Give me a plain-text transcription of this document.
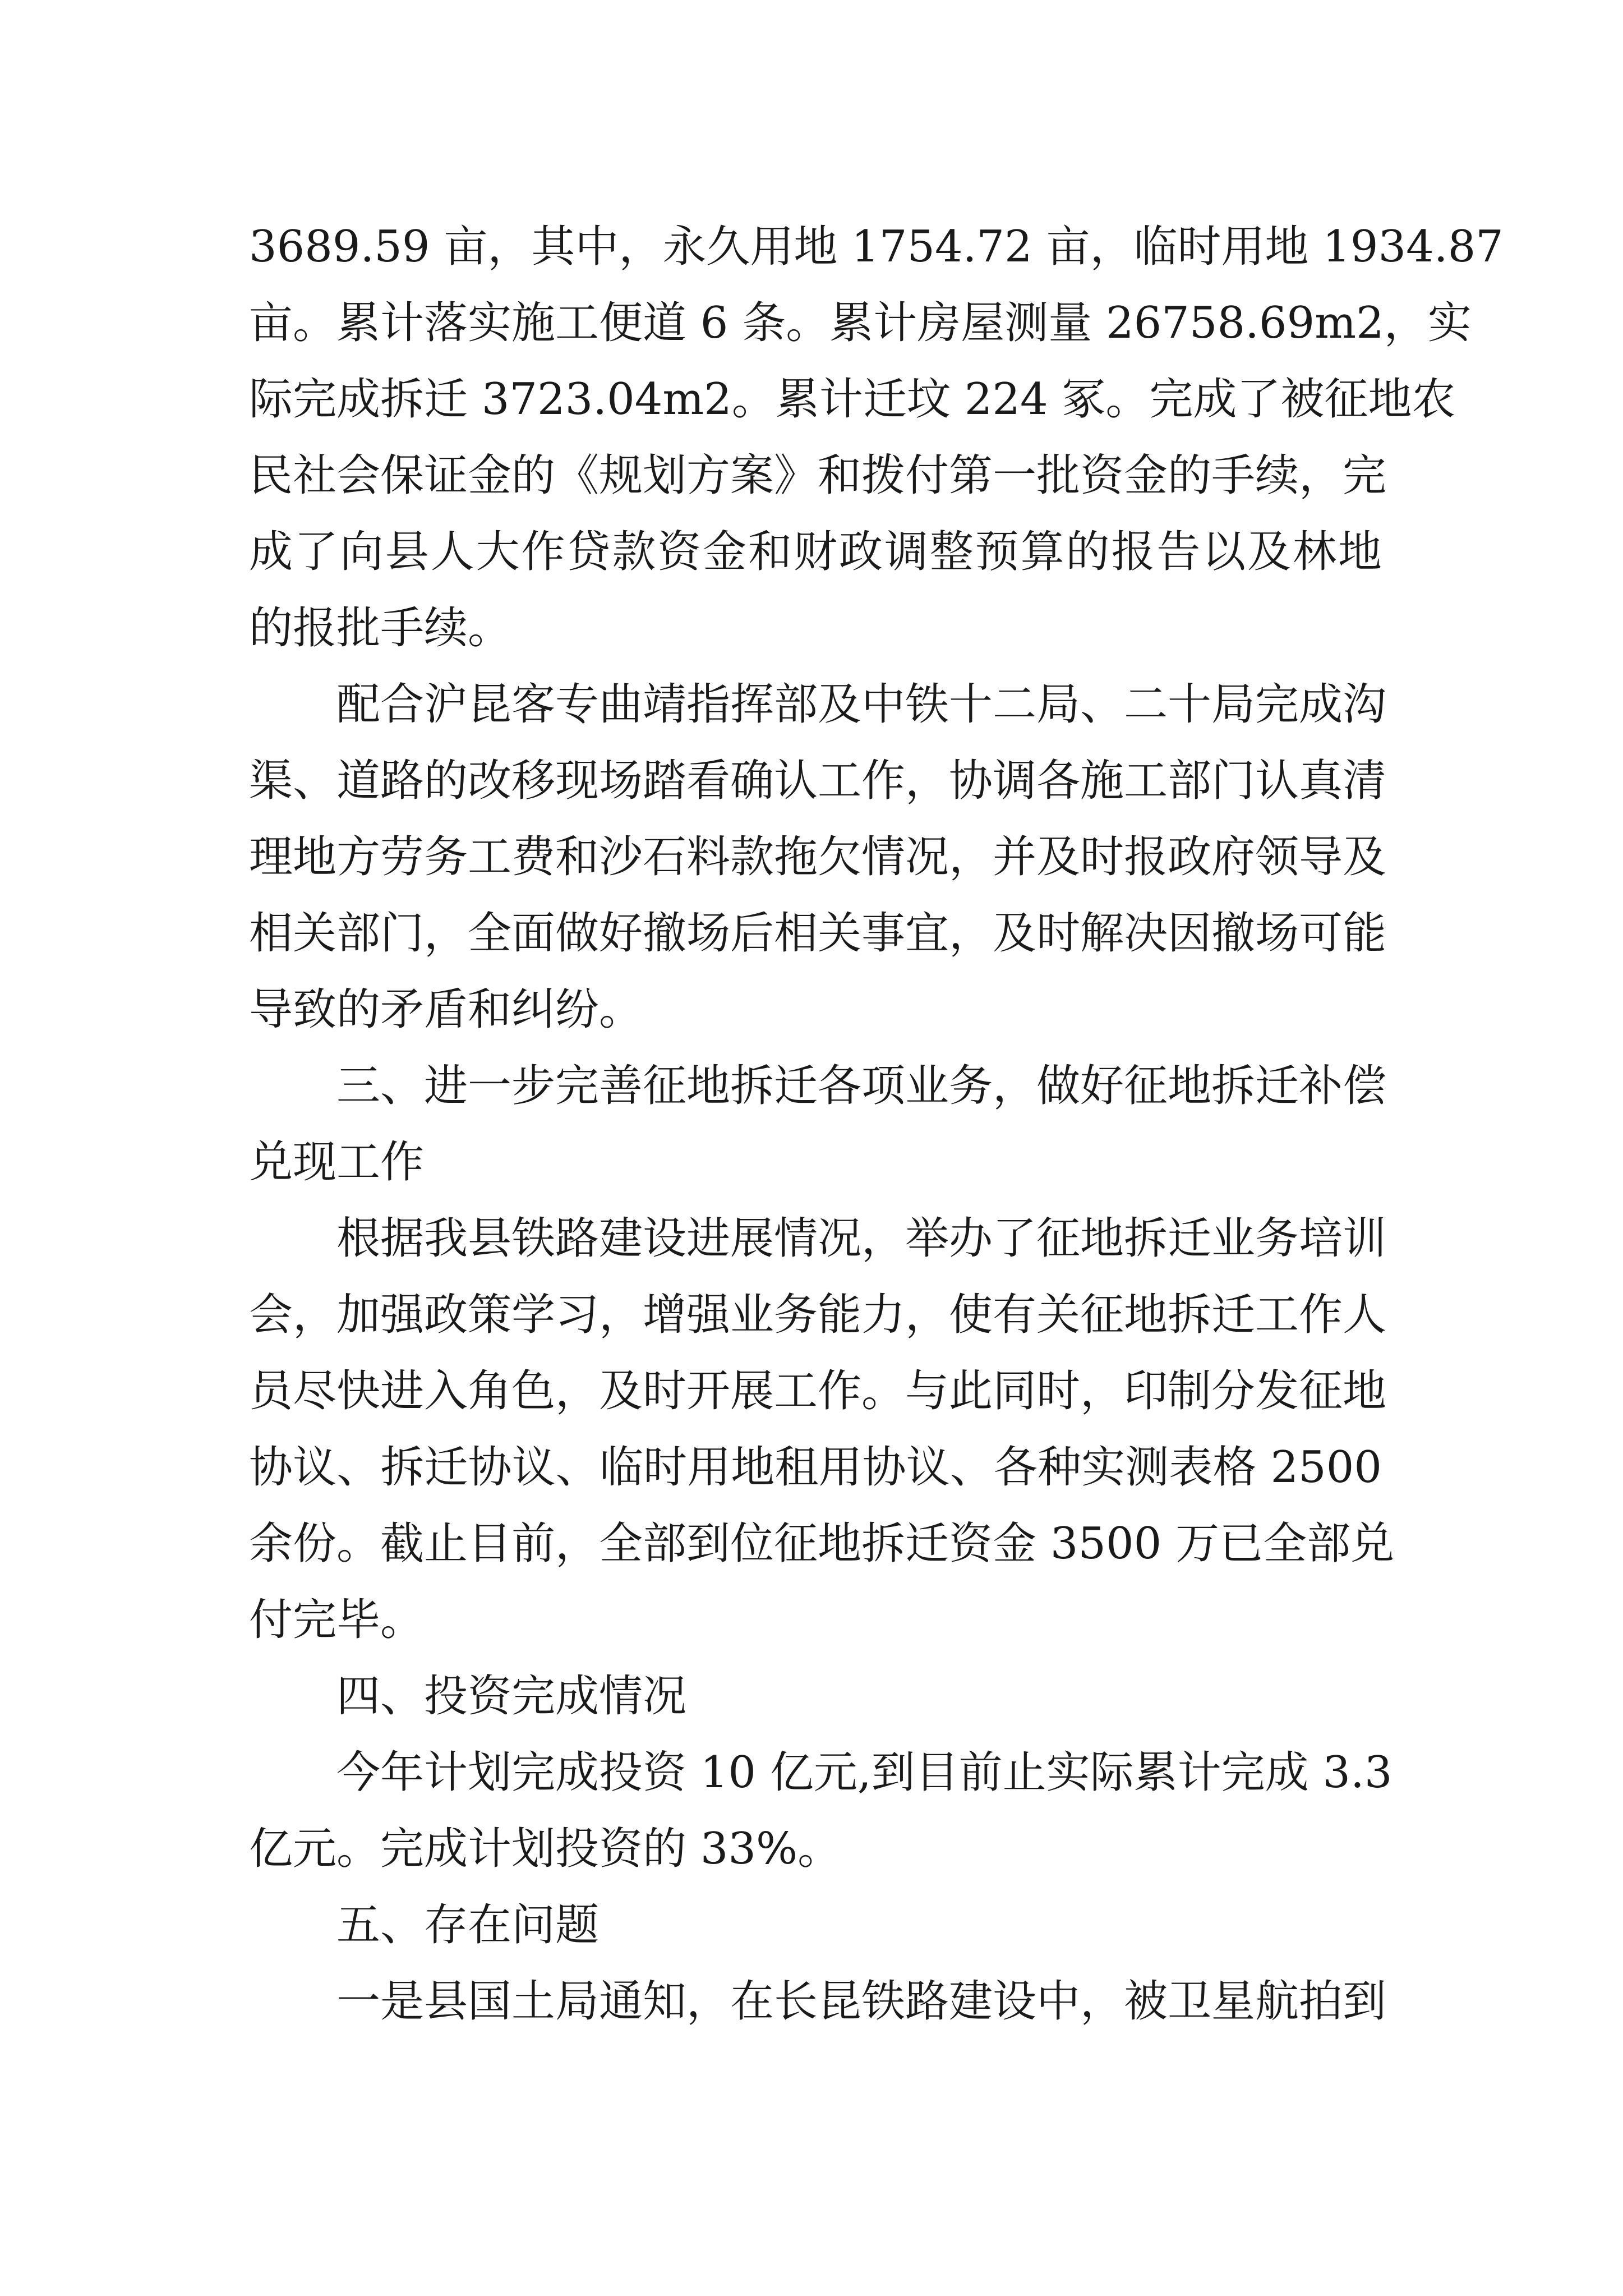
3689.59 亩，其中，永久用地 1754.72 亩，临时用地 1934.87
亩。累计落实施工便道 6 条。累计房屋测量 26758.69m2，实
际完成拆迁 3723.04m2。累计迁坟 224 冢。完成了被征地农
民社会保证金的《规划方案》和拨付第一批资金的手续，完
成了向县人大作贷款资金和财政调整预算的报告以及林地
的报批手续。
配合沪昆客专曲靖指挥部及中铁十二局、二十局完成沟
渠、道路的改移现场踏看确认工作，协调各施工部门认真清
理地方劳务工费和沙石料款拖欠情况，并及时报政府领导及
相关部门，全面做好撤场后相关事宜，及时解决因撤场可能
导致的矛盾和纠纷。
三、进一步完善征地拆迁各项业务，做好征地拆迁补偿
兑现工作
根据我县铁路建设进展情况，举办了征地拆迁业务培训
会，加强政策学习，增强业务能力，使有关征地拆迁工作人
员尽快进入角色，及时开展工作。与此同时，印制分发征地
协议、拆迁协议、临时用地租用协议、各种实测表格 2500
余份。截止目前，全部到位征地拆迁资金 3500 万已全部兑
付完毕。
四、投资完成情况
今年计划完成投资 10 亿元,到目前止实际累计完成 3.3
亿元。完成计划投资的 33%。
五、存在问题
一是县国土局通知，在长昆铁路建设中，被卫星航拍到
